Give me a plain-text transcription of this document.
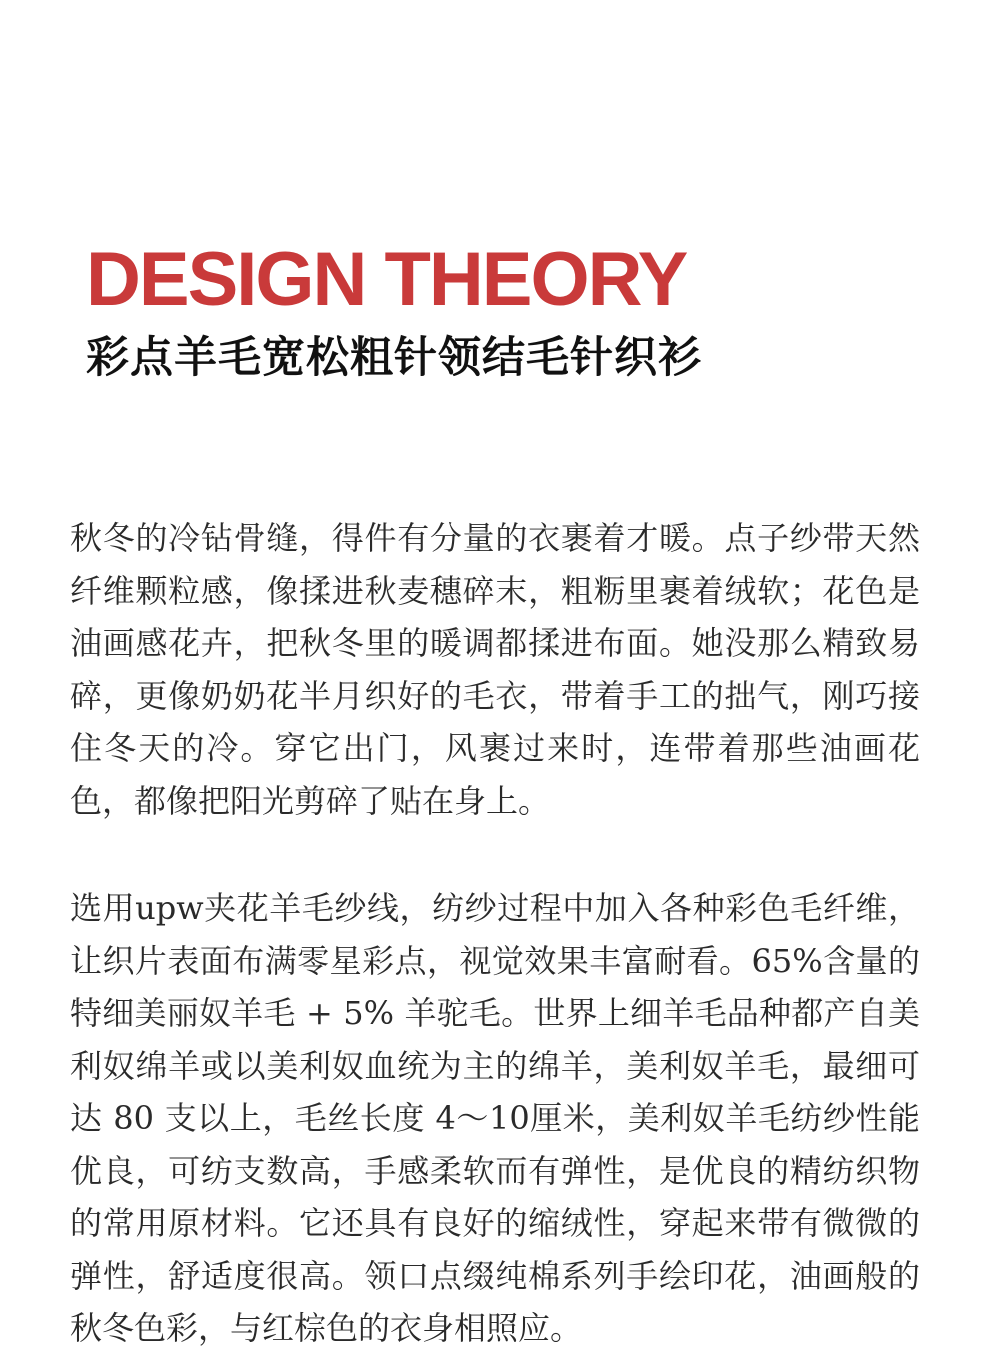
DESIGN THEORY
彩点羊毛宽松粗针领结毛针织衫

秋冬的冷钻骨缝，得件有分量的衣裹着才暖。点子纱带天然纤维颗粒感，像揉进秋麦穗碎末，粗粝里裹着绒软；花色是油画感花卉，把秋冬里的暖调都揉进布面。她没那么精致易碎，更像奶奶花半月织好的毛衣，带着手工的拙气，刚巧接住冬天的冷。穿它出门，风裹过来时，连带着那些油画花色，都像把阳光剪碎了贴在身上。

选用upw夹花羊毛纱线，纺纱过程中加入各种彩色毛纤维，让织片表面布满零星彩点，视觉效果丰富耐看。65%含量的特细美丽奴羊毛 + 5% 羊驼毛。世界上细羊毛品种都产自美利奴绵羊或以美利奴血统为主的绵羊，美利奴羊毛，最细可达 80 支以上，毛丝长度 4～10厘米，美利奴羊毛纺纱性能优良，可纺支数高，手感柔软而有弹性，是优良的精纺织物的常用原材料。它还具有良好的缩绒性，穿起来带有微微的弹性，舒适度很高。领口点缀纯棉系列手绘印花，油画般的秋冬色彩，与红棕色的衣身相照应。
